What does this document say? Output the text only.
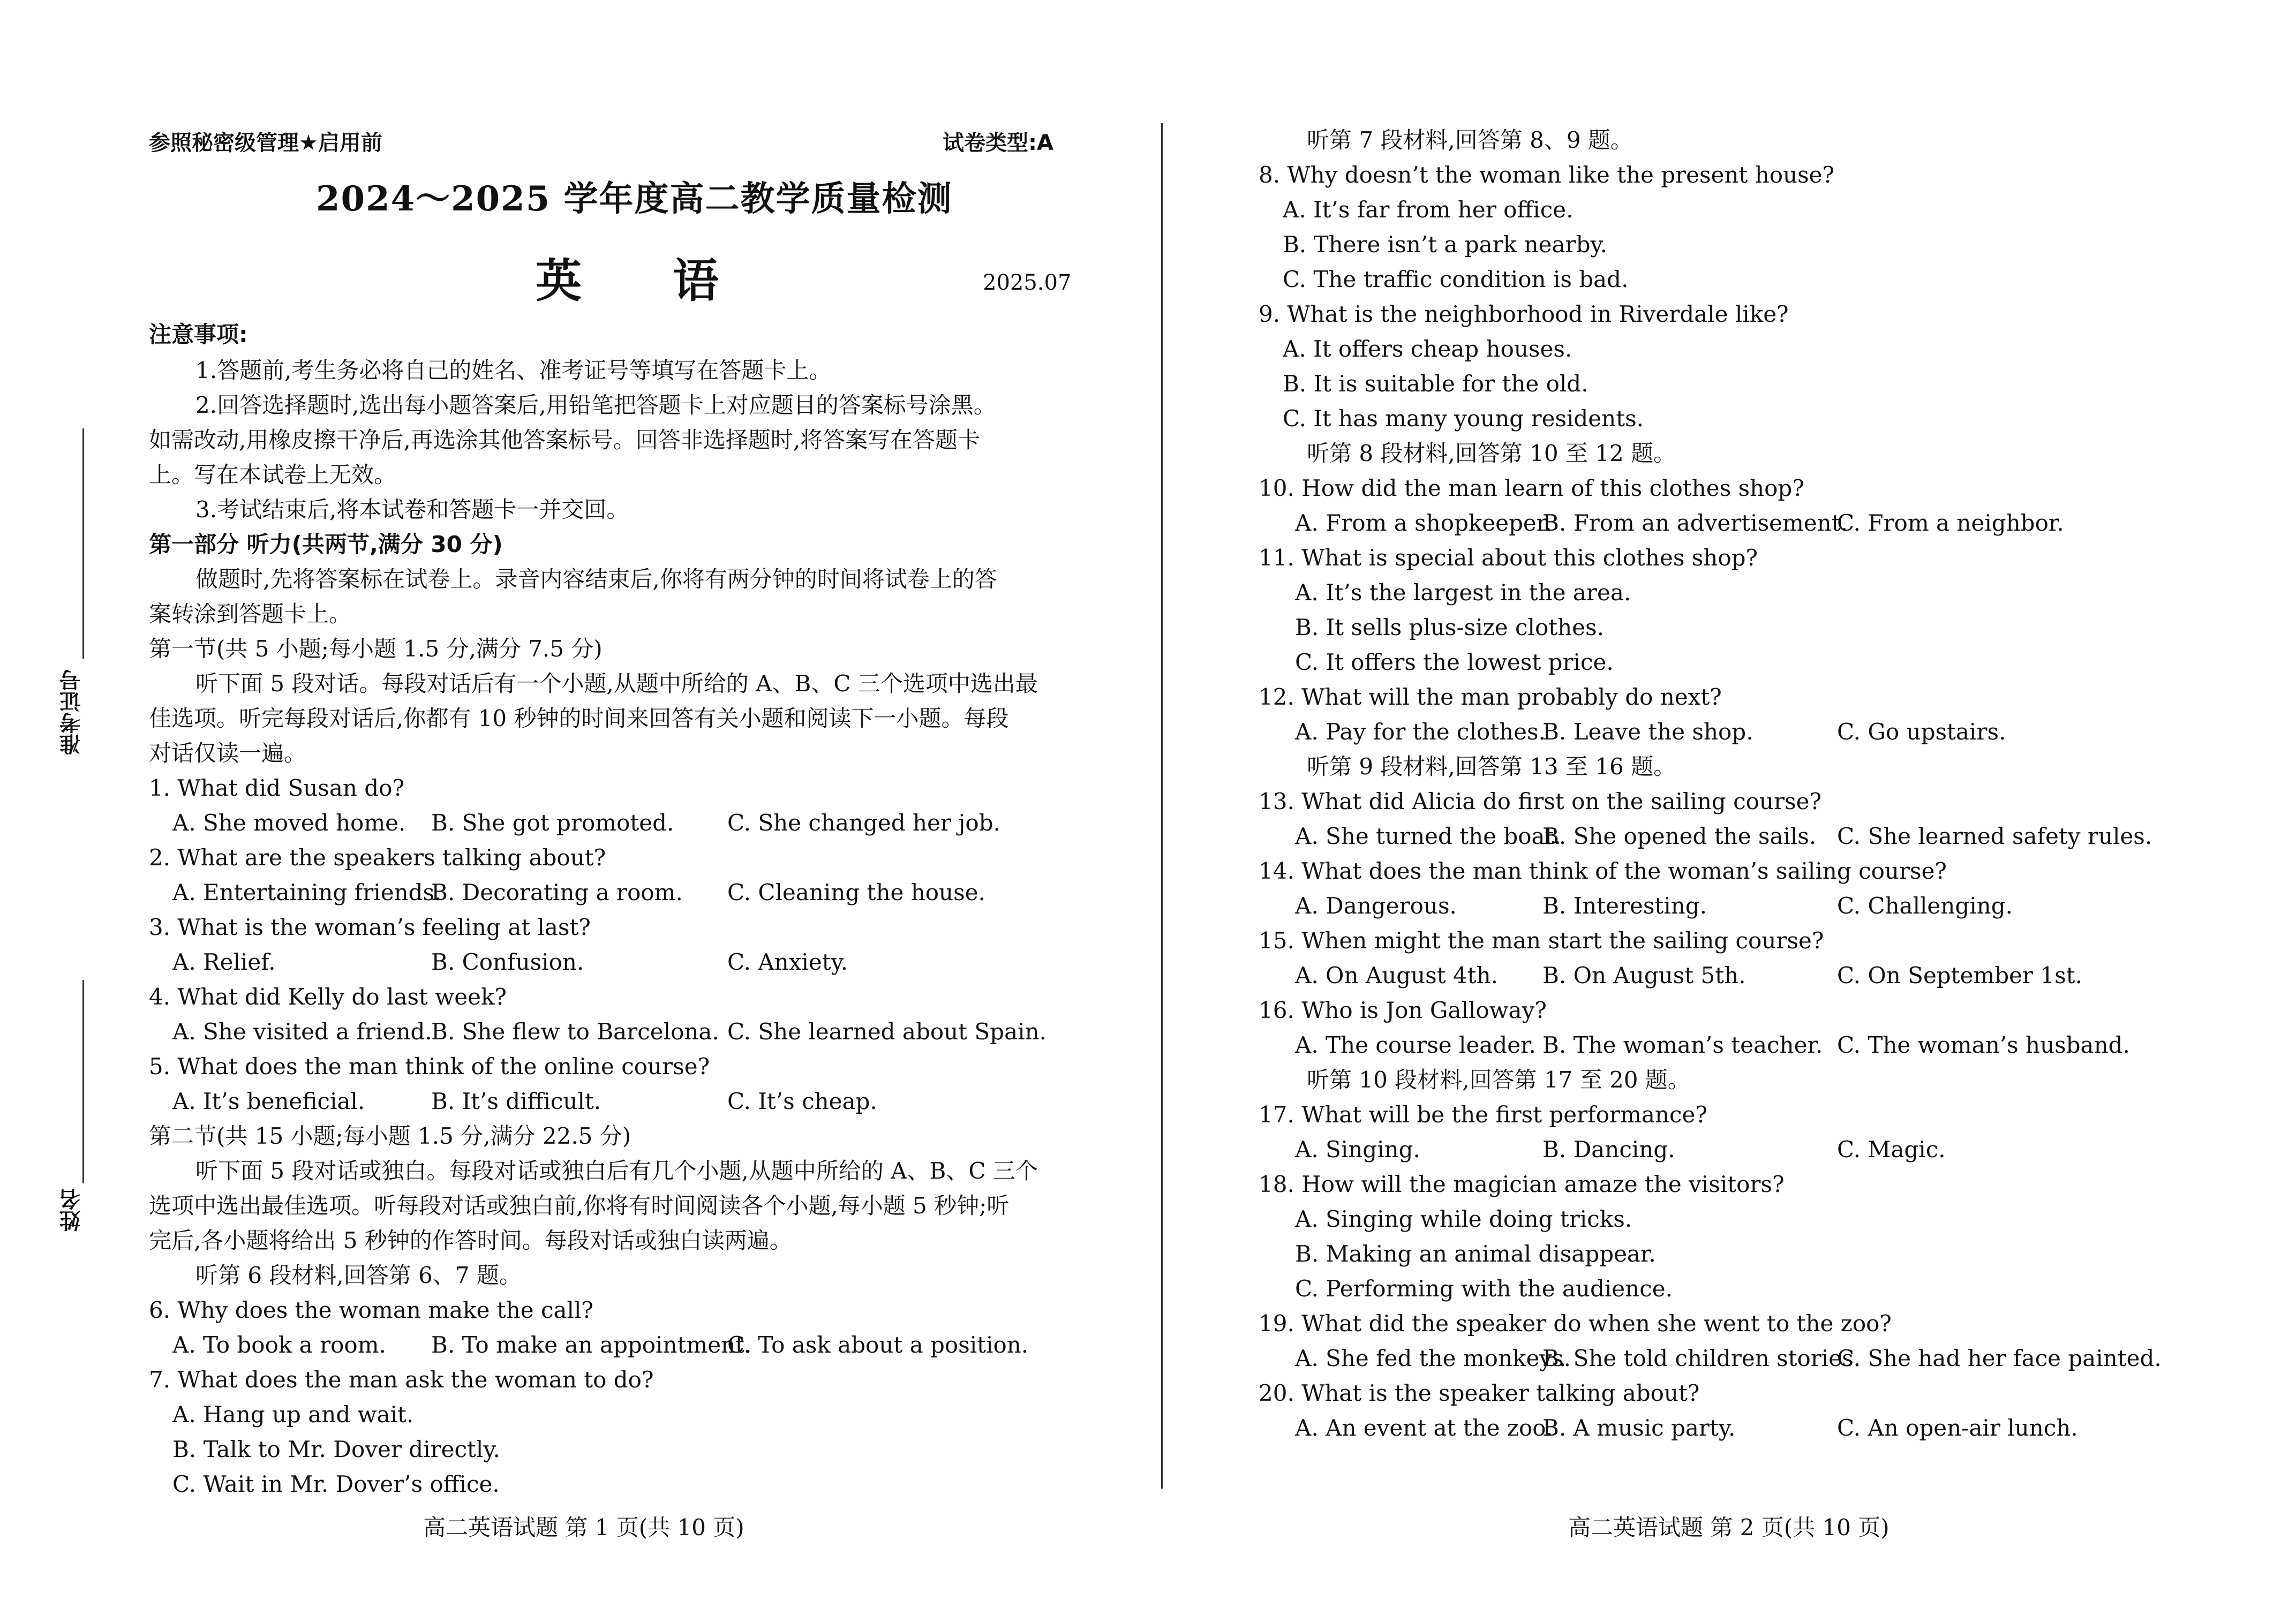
准考证号
姓名
参照秘密级管理★启用前	试卷类型:A
2024～2025 学年度高二教学质量检测
英 语	2025.07
注意事项:
1.答题前,考生务必将自己的姓名、准考证号等填写在答题卡上。
2.回答选择题时,选出每小题答案后,用铅笔把答题卡上对应题目的答案标号涂黑。
如需改动,用橡皮擦干净后,再选涂其他答案标号。回答非选择题时,将答案写在答题卡
上。写在本试卷上无效。
3.考试结束后,将本试卷和答题卡一并交回。
第一部分 听力(共两节,满分 30 分)
做题时,先将答案标在试卷上。录音内容结束后,你将有两分钟的时间将试卷上的答
案转涂到答题卡上。
第一节(共 5 小题;每小题 1.5 分,满分 7.5 分)
听下面 5 段对话。每段对话后有一个小题,从题中所给的 A、B、C 三个选项中选出最
佳选项。听完每段对话后,你都有 10 秒钟的时间来回答有关小题和阅读下一小题。每段
对话仅读一遍。
1. What did Susan do?
A. She moved home. B. She got promoted. C. She changed her job.
2. What are the speakers talking about?
A. Entertaining friends.
B. Decorating a room. C. Cleaning the house.
3. What is the woman’s feeling at last?
A. Relief.	B. Confusion.	C. Anxiety.
4. What did Kelly do last week?
A. She visited a friend.
B. She flew to Barcelona. C. She learned about Spain.
5. What does the man think of the online course?
A. It’s beneficial.	B. It’s difficult.	C. It’s cheap.
第二节(共 15 小题;每小题 1.5 分,满分 22.5 分)
听下面 5 段对话或独白。每段对话或独白后有几个小题,从题中所给的 A、B、C 三个
选项中选出最佳选项。听每段对话或独白前,你将有时间阅读各个小题,每小题 5 秒钟;听
完后,各小题将给出 5 秒钟的作答时间。每段对话或独白读两遍。
听第 6 段材料,回答第 6、7 题。
6. Why does the woman make the call?
A. To book a room. B. To make an appointment.
C. To ask about a position.
7. What does the man ask the woman to do?
A. Hang up and wait.
B. Talk to Mr. Dover directly.
C. Wait in Mr. Dover’s office.
高二英语试题 第 1 页(共 10 页)
听第 7 段材料,回答第 8、9 题。
8. Why doesn’t the woman like the present house?
A. It’s far from her office.
B. There isn’t a park nearby.
C. The traffic condition is bad.
9. What is the neighborhood in Riverdale like?
A. It offers cheap houses.
B. It is suitable for the old.
C. It has many young residents.
听第 8 段材料,回答第 10 至 12 题。
10. How did the man learn of this clothes shop?
A. From a shopkeeper.
B. From an advertisement.
C. From a neighbor.
11. What is special about this clothes shop?
A. It’s the largest in the area.
B. It sells plus-size clothes.
C. It offers the lowest price.
12. What will the man probably do next?
A. Pay for the clothes.
B. Leave the shop.	C. Go upstairs.
听第 9 段材料,回答第 13 至 16 题。
13. What did Alicia do first on the sailing course?
A. She turned the boat.
B. She opened the sails. C. She learned safety rules.
14. What does the man think of the woman’s sailing course?
A. Dangerous.	B. Interesting.	C. Challenging.
15. When might the man start the sailing course?
A. On August 4th. B. On August 5th.	C. On September 1st.
16. Who is Jon Galloway?
A. The course leader. B. The woman’s teacher. C. The woman’s husband.
听第 10 段材料,回答第 17 至 20 题。
17. What will be the first performance?
A. Singing.	B. Dancing.	C. Magic.
18. How will the magician amaze the visitors?
A. Singing while doing tricks.
B. Making an animal disappear.
C. Performing with the audience.
19. What did the speaker do when she went to the zoo?
A. She fed the monkeys.
B. She told children stories.
C. She had her face painted.
20. What is the speaker talking about?
A. An event at the zoo.
B. A music party.	C. An open-air lunch.
高二英语试题 第 2 页(共 10 页)
